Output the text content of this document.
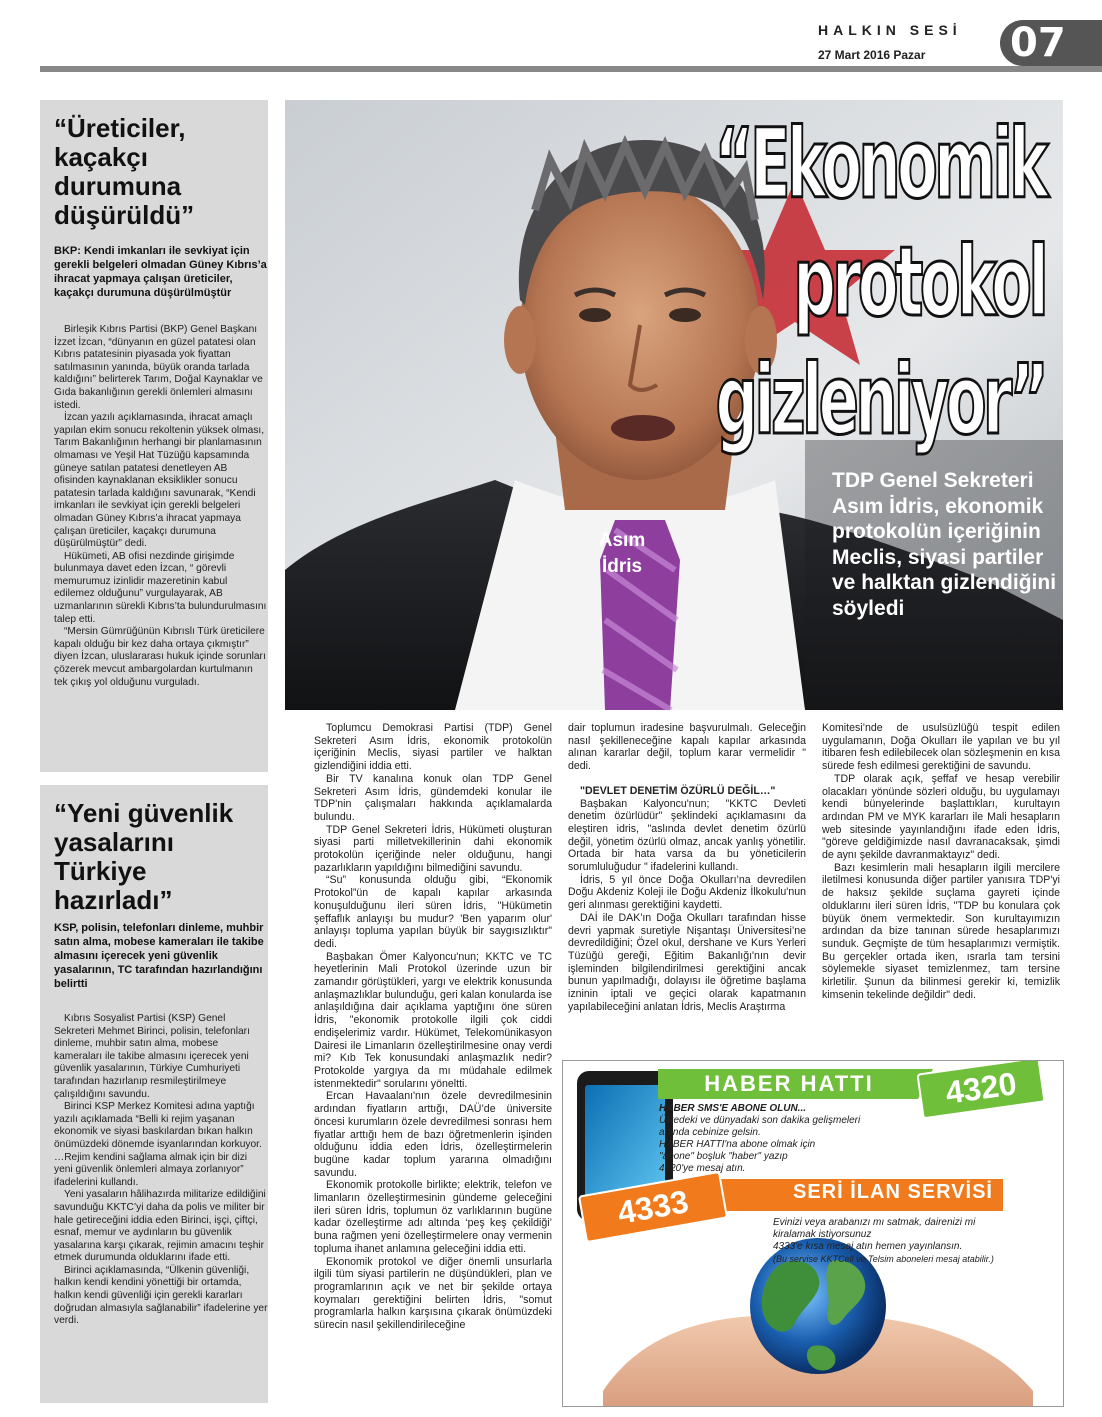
HALKIN SESİ
27 Mart 2016 Pazar 07
“Üreticiler, kaçakçı durumuna düşürüldü”
BKP: Kendi imkanları ile sevkiyat için gerekli belgeleri olmadan Güney Kıbrıs’a ihracat yapmaya çalışan üreticiler, kaçakçı durumuna düşürülmüştür

Birleşik Kıbrıs Partisi (BKP) Genel Başkanı İzzet İzcan, “dünyanın en güzel patatesi olan Kıbrıs patatesinin piyasada yok fiyattan satılmasının yanında, büyük oranda tarlada kaldığını” belirterek Tarım, Doğal Kaynaklar ve Gıda bakanlığının gerekli önlemleri almasını istedi.

İzcan yazılı açıklamasında, ihracat amaçlı yapılan ekim sonucu rekoltenin yüksek olması, Tarım Bakanlığının herhangi bir planlamasının olmaması ve Yeşil Hat Tüzüğü kapsamında güneye satılan patatesi denetleyen AB ofisinden kaynaklanan eksiklikler sonucu patatesin tarlada kaldığını savunarak, “Kendi imkanları ile sevkiyat için gerekli belgeleri olmadan Güney Kıbrıs’a ihracat yapmaya çalışan üreticiler, kaçakçı durumuna düşürülmüştür” dedi.

Hükümeti, AB ofisi nezdinde girişimde bulunmaya davet eden İzcan, “ görevli memurumuz izinlidir mazeretinin kabul edilemez olduğunu” vurgulayarak, AB uzmanlarının sürekli Kıbrıs’ta bulundurulmasını talep etti.

“Mersin Gümrüğünün Kıbrıslı Türk üreticilere kapalı olduğu bir kez daha ortaya çıkmıştır” diyen İzcan, uluslararası hukuk içinde sorunları çözerek mevcut ambargolardan kurtulmanın tek çıkış yol olduğunu vurguladı.

“Yeni güvenlik yasalarını Türkiye hazırladı”
KSP, polisin, telefonları dinleme, muhbir satın alma, mobese kameraları ile takibe almasını içerecek yeni güvenlik yasalarının, TC tarafından hazırlandığını belirtti

Kıbrıs Sosyalist Partisi (KSP) Genel Sekreteri Mehmet Birinci, polisin, telefonları dinleme, muhbir satın alma, mobese kameraları ile takibe almasını içerecek yeni güvenlik yasalarının, Türkiye Cumhuriyeti tarafından hazırlanıp resmileştirilmeye çalışıldığını savundu.

Birinci KSP Merkez Komitesi adına yaptığı yazılı açıklamada “Belli ki rejim yaşanan ekonomik ve siyasi baskılardan bıkan halkın önümüzdeki dönemde isyanlarından korkuyor. …Rejim kendini sağlama almak için bir dizi yeni güvenlik önlemleri almaya zorlanıyor” ifadelerini kullandı.

Yeni yasaların hâlihazırda militarize edildiğini savunduğu KKTC’yi daha da polis ve militer bir hale getireceğini iddia eden Birinci, işçi, çiftçi, esnaf, memur ve aydınların bu güvenlik yasalarına karşı çıkarak, rejimin amacını teşhir etmek durumunda olduklarını ifade etti.

Birinci açıklamasında, “Ülkenin güvenliği, halkın kendi kendini yönettiği bir ortamda, halkın kendi güvenliği için gerekli kararları doğrudan almasıyla sağlanabilir” ifadelerine yer verdi.

“Ekonomik
protokol
gizleniyor”
Asım
İdris
TDP Genel Sekreteri Asım İdris, ekonomik protokolün içeriğinin Meclis, siyasi partiler ve halktan gizlendiğini söyledi

Toplumcu Demokrasi Partisi (TDP) Genel Sekreteri Asım İdris, ekonomik protokolün içeriğinin Meclis, siyasi partiler ve halktan gizlendiğini iddia etti.

Bir TV kanalına konuk olan TDP Genel Sekreteri Asım İdris, gündemdeki konular ile TDP'nin çalışmaları hakkında açıklamalarda bulundu.

TDP Genel Sekreteri İdris, Hükümeti oluşturan siyasi parti milletvekillerinin dahi ekonomik protokolün içeriğinde neler olduğunu, hangi pazarlıkların yapıldığını bilmediğini savundu.

“Su” konusunda olduğu gibi, “Ekonomik Protokol”ün de kapalı kapılar arkasında konuşulduğunu ileri süren İdris, "Hükümetin şeffaflık anlayışı bu mudur? 'Ben yaparım olur' anlayışı topluma yapılan büyük bir saygısızlıktır" dedi.

Başbakan Ömer Kalyoncu'nun; KKTC ve TC heyetlerinin Mali Protokol üzerinde uzun bir zamandır görüştükleri, yargı ve elektrik konusunda anlaşmazlıklar bulunduğu, geri kalan konularda ise anlaşıldığına dair açıklama yaptığını öne süren İdris, "ekonomik protokolle ilgili çok ciddi endişelerimiz vardır. Hükümet, Telekomünikasyon Dairesi ile Limanların özelleştirilmesine onay verdi mi? Kıb Tek konusundaki anlaşmazlık nedir? Protokolde yargıya da mı müdahale edilmek istenmektedir" sorularını yöneltti.

Ercan Havaalanı'nın özele devredilmesinin ardından fiyatların arttığı, DAÜ’de üniversite öncesi kurumların özele devredilmesi sonrası hem fiyatlar arttığı hem de bazı öğretmenlerin işinden olduğunu iddia eden İdris, özelleştirmelerin bugüne kadar toplum yararına olmadığını savundu.

Ekonomik protokolle birlikte; elektrik, telefon ve limanların özelleştirmesinin gündeme geleceğini ileri süren İdris, toplumun öz varlıklarının bugüne kadar özelleştirme adı altında ‘peş keş çekildiği’ buna rağmen yeni özelleştirmelere onay vermenin topluma ihanet anlamına geleceğini iddia etti.

Ekonomik protokol ve diğer önemli unsurlarla ilgili tüm siyasi partilerin ne düşündükleri, plan ve programlarının açık ve net bir şekilde ortaya koymaları gerektiğini belirten İdris, "somut programlarla halkın karşısına çıkarak önümüzdeki sürecin nasıl şekillendirileceğine

dair toplumun iradesine başvurulmalı. Geleceğin nasıl şekilleneceğine kapalı kapılar arkasında alınan kararlar değil, toplum karar vermelidir " dedi.

"DEVLET DENETİM ÖZÜRLÜ DEĞİL…"

Başbakan Kalyoncu'nun; "KKTC Devleti denetim özürlüdür" şeklindeki açıklamasını da eleştiren idris, "aslında devlet denetim özürlü değil, yönetim özürlü olmaz, ancak yanlış yönetilir. Ortada bir hata varsa da bu yöneticilerin sorumluluğudur " ifadelerini kullandı.

İdris, 5 yıl önce Doğa Okulları’na devredilen Doğu Akdeniz Koleji ile Doğu Akdeniz İlkokulu'nun geri alınması gerektiğini kaydetti.

DAİ ile DAK'ın Doğa Okulları tarafından hisse devri yapmak suretiyle Nişantaşı Üniversitesi’ne devredildiğini; Özel okul, dershane ve Kurs Yerleri Tüzüğü gereği, Eğitim Bakanlığı'nın devir işleminden bilgilendirilmesi gerektiğini ancak bunun yapılmadığı, dolayısı ile öğretime başlama izninin iptali ve geçici olarak kapatmanın yapılabileceğini anlatan İdris, Meclis Araştırma

Komitesi’nde de usulsüzlüğü tespit edilen uygulamanın, Doğa Okulları ile yapılan ve bu yıl itibaren fesh edilebilecek olan sözleşmenin en kısa sürede fesh edilmesi gerektiğini de savundu.

TDP olarak açık, şeffaf ve hesap verebilir olacakları yönünde sözleri olduğu, bu uygulamayı kendi bünyelerinde başlattıkları, kurultayın ardından PM ve MYK kararları ile Mali hesapların web sitesinde yayınlandığını ifade eden İdris, "göreve geldiğimizde nasıl davranacaksak, şimdi de aynı şekilde davranmaktayız" dedi.

Bazı kesimlerin mali hesapların ilgili mercilere iletilmesi konusunda diğer partiler yanısıra TDP'yi de haksız şekilde suçlama gayreti içinde olduklarını ileri süren İdris, "TDP bu konulara çok büyük önem vermektedir. Son kurultayımızın ardından da bize tanınan sürede hesaplarımızı sunduk. Geçmişte de tüm hesaplarımızı vermiştik. Bu gerçekler ortada iken, ısrarla tam tersini söylemekle siyaset temizlenmez, tam tersine kirletilir. Şunun da bilinmesi gerekir ki, temizlik kimsenin tekelinde değildir" dedi.

HABER HATTI	4320
HABER SMS'E ABONE OLUN...
Ülkedeki ve dünyadaki son dakika gelişmeleri
anında cebinize gelsin.
HABER HATTI'na abone olmak için
"abone" boşluk "haber" yazıp
4320'ye mesaj atın.
SERİ İLAN SERVİSİ
4333	Evinizi veya arabanızı mı satmak, dairenizi mi
kiralamak istiyorsunuz
4333'e kısa mesaj atın hemen yayınlansın.
(Bu servise KKTCell ve Telsim aboneleri mesaj atabilir.)
